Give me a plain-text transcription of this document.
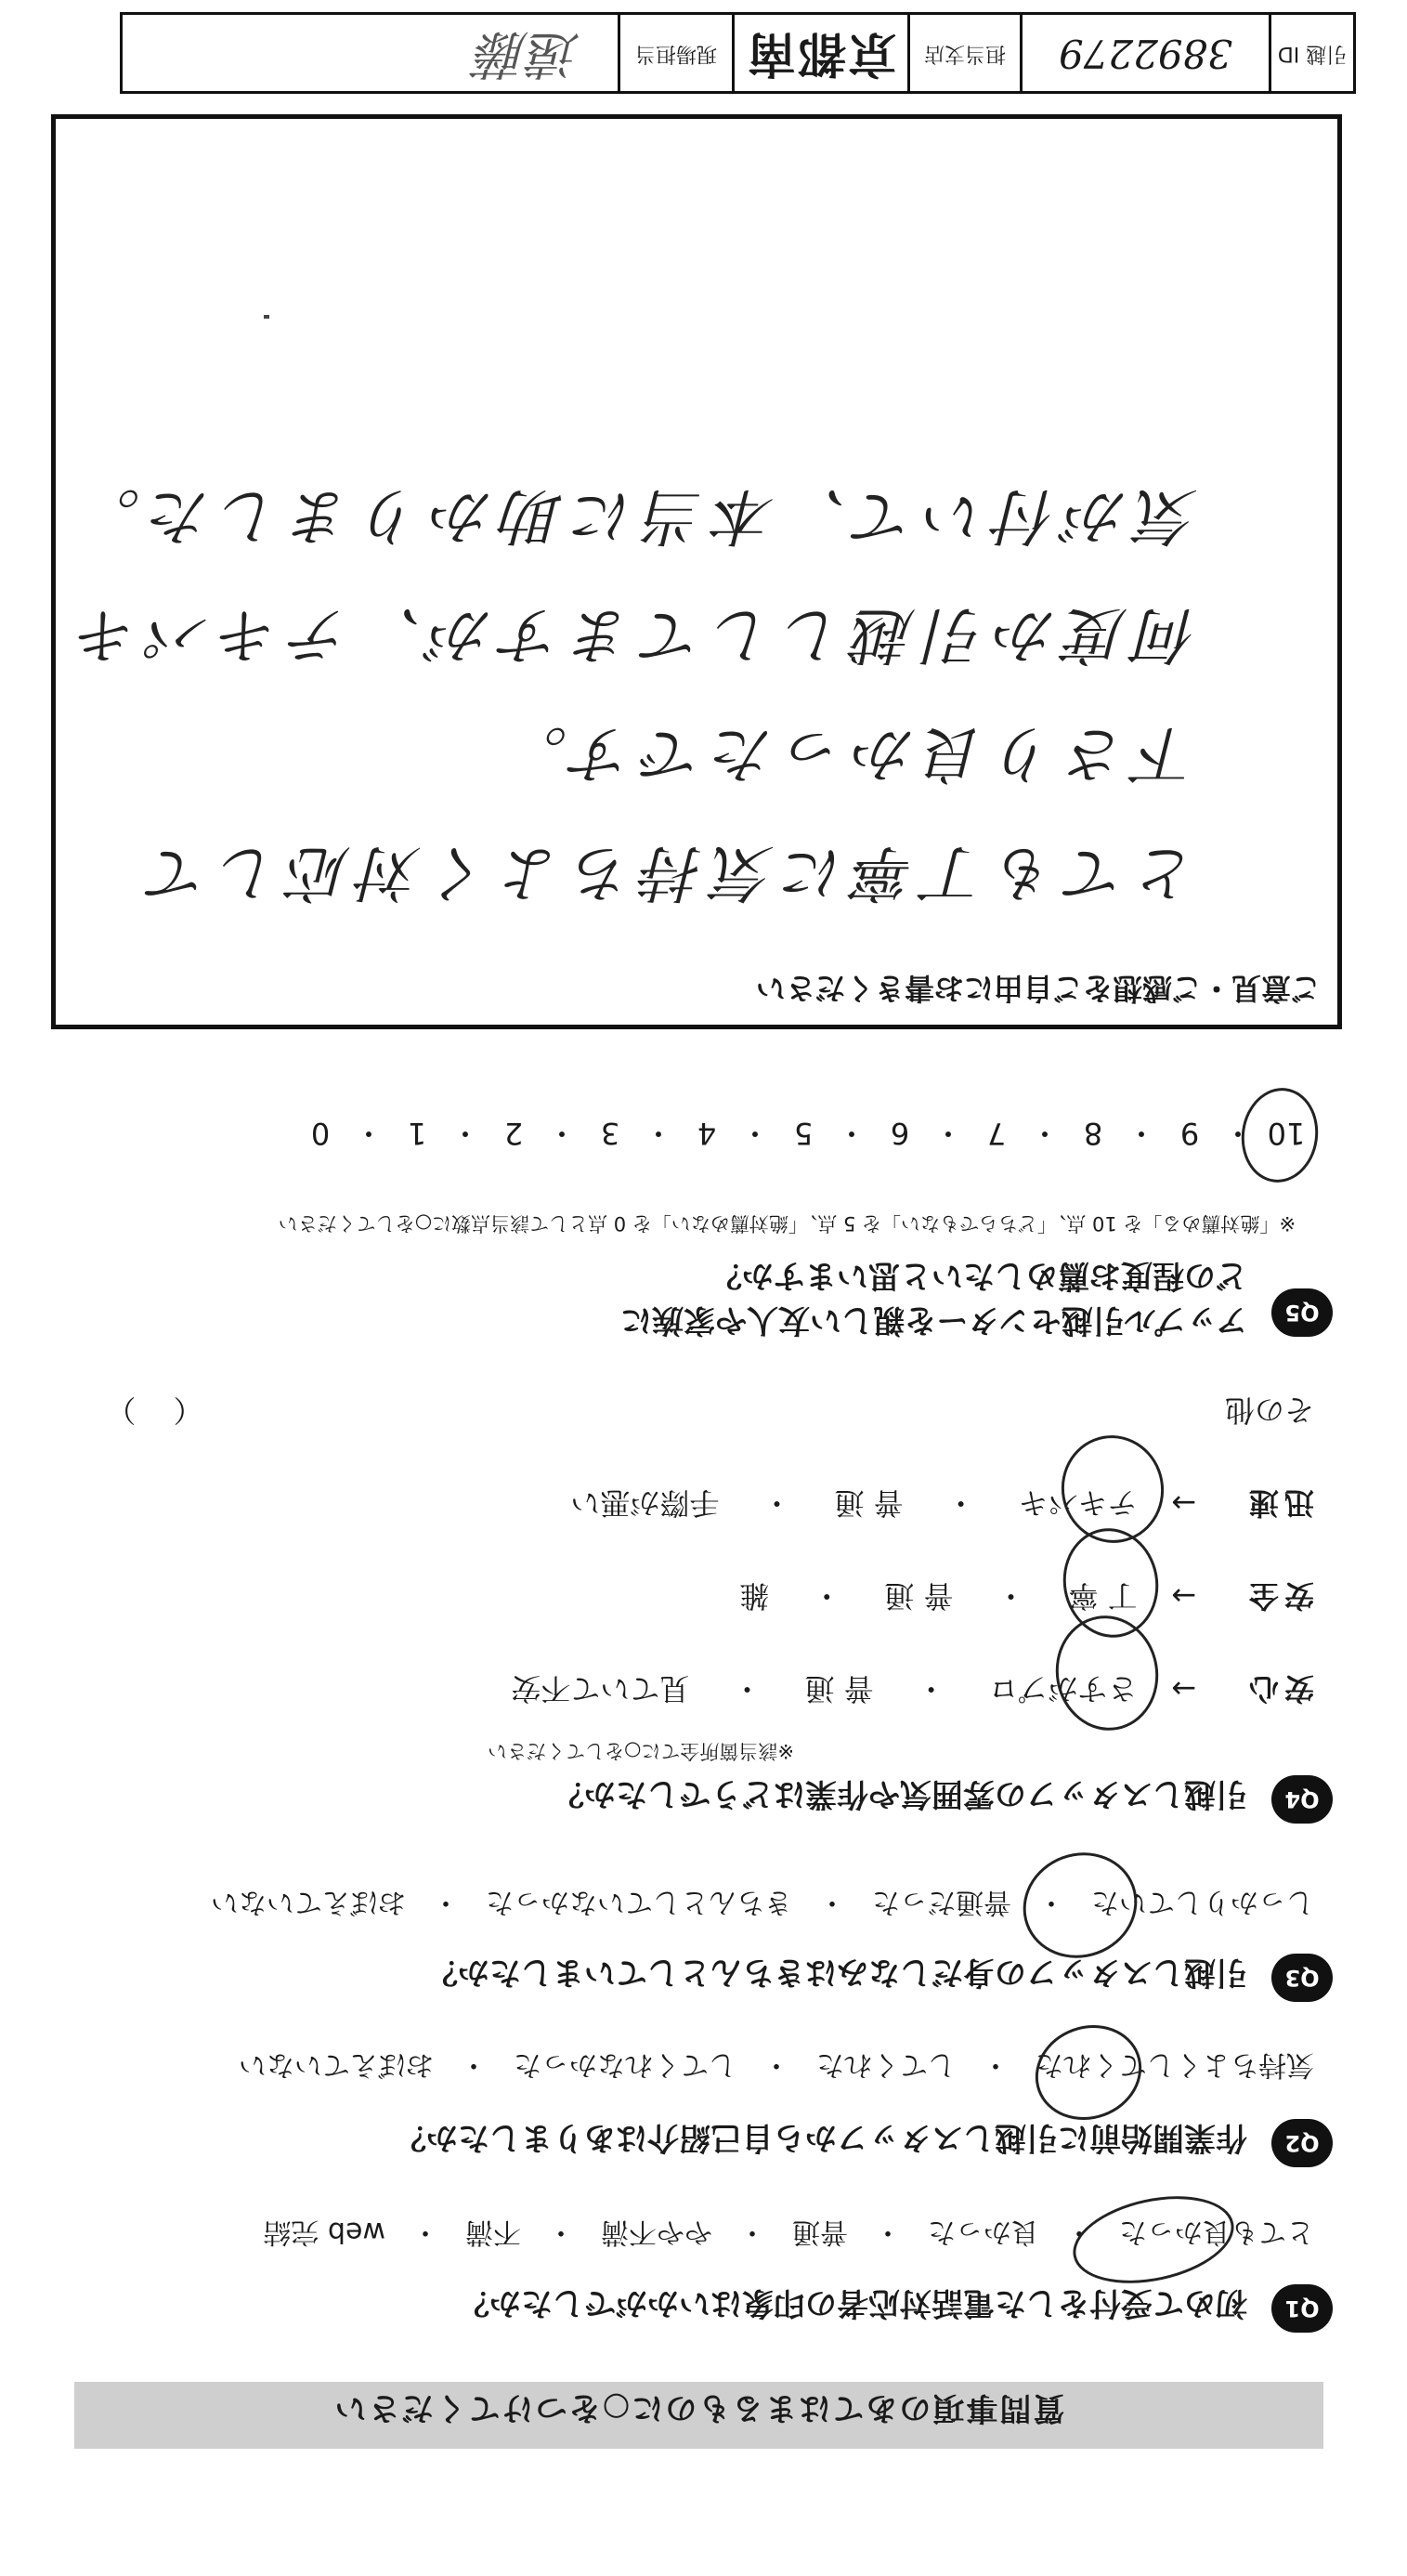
質問事項のあてはまるものに○をつけてください
Q1
初めて受付をした電話対応者の印象はいかがでしたか？
とても良かった・良かった・普通・やや不満・不満・web 完結
Q2
作業開始前に引越しスタッフから自己紹介はありましたか？
気持ちよくしてくれた・してくれた・してくれなかった・おぼえていない
Q3
引越しスタッフの身だしなみはきちんとしていましたか？
しっかりしていた・普通だった・きちんとしていなかった・おぼえていない
Q4
引越しスタッフの雰囲気や作業はどうでしたか？
※該当箇所全てに○をしてください
安心 → さすがプロ・普 通・見ていて不安
安全 → 丁 寧・普 通・雑
迅速 → テキパキ・普 通・手際が悪い
その他  （  ）
Q5
アップル引越センターを親しい友人や家族に
どの程度お薦めしたいと思いますか？
※「絶対薦める」を 10 点、「どちらでもない」を 5 点、「絶対薦めない」を 0 点として該当点数に○をしてください
10・9・8・7・6・5・4・3・2・1・0
ご意見・ご感想をご自由にお書きください
とても丁寧に気持ちよく対応して
下さり良かったです。
何度か引越ししてますが、テキパキ
気が付いて、本当に助かりました。
引越 ID
3892279
担当支店
京都南
現場担当
遠藤
